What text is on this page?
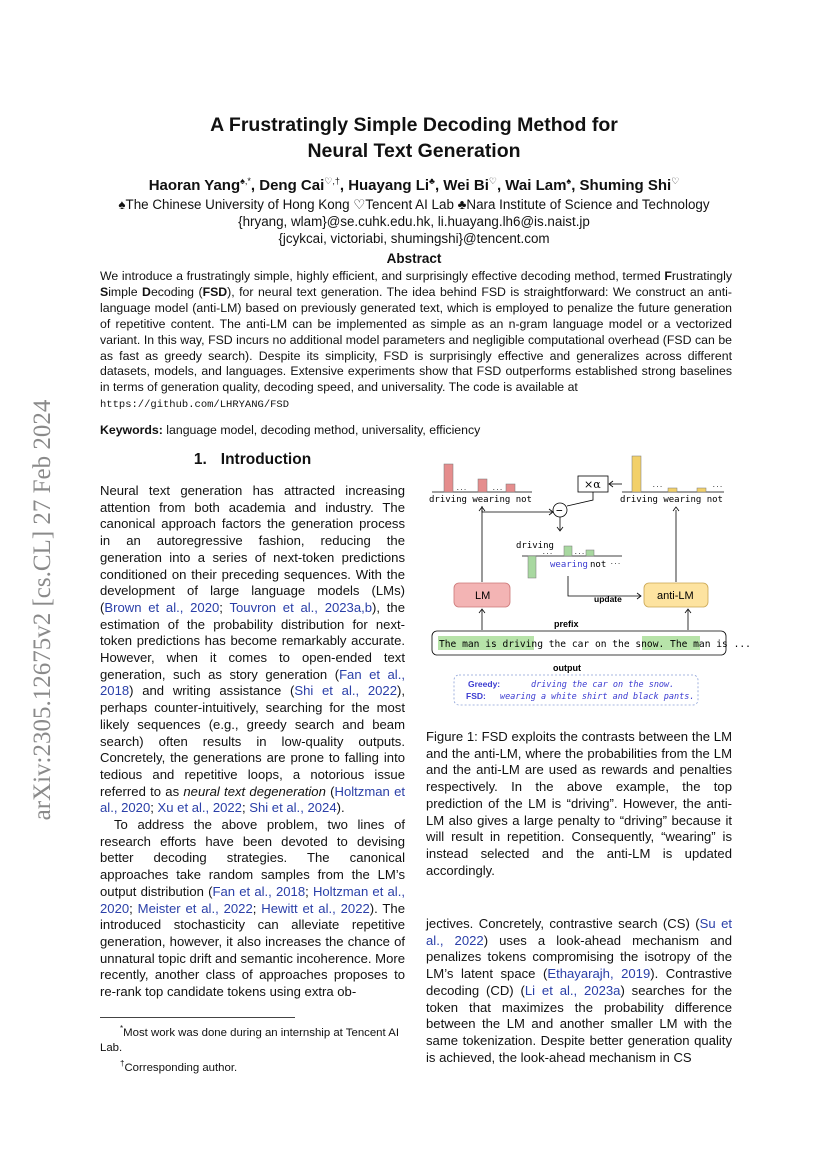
arXiv:2305.12675v2 [cs.CL] 27 Feb 2024
A Frustratingly Simple Decoding Method for
Neural Text Generation
Haoran Yang♠,*, Deng Cai♡,†, Huayang Li♣, Wei Bi♡, Wai Lam♠, Shuming Shi♡
♠The Chinese University of Hong Kong ♡Tencent AI Lab ♣Nara Institute of Science and Technology
{hryang, wlam}@se.cuhk.edu.hk, li.huayang.lh6@is.naist.jp
{jcykcai, victoriabi, shumingshi}@tencent.com
Abstract
We introduce a frustratingly simple, highly efficient, and surprisingly effective decoding method, termed Frustratingly Simple Decoding (FSD), for neural text generation. The idea behind FSD is straightforward: We construct an anti-language model (anti-LM) based on previously generated text, which is employed to penalize the future generation of repetitive content. The anti-LM can be implemented as simple as an n-gram language model or a vectorized variant. In this way, FSD incurs no additional model parameters and negligible computational overhead (FSD can be as fast as greedy search). Despite its simplicity, FSD is surprisingly effective and generalizes across different datasets, models, and languages. Extensive experiments show that FSD outperforms established strong baselines in terms of generation quality, decoding speed, and universality. The code is available at
https://github.com/LHRYANG/FSD
Keywords: language model, decoding method, universality, efficiency
1. Introduction

Neural text generation has attracted increasing attention from both academia and industry. The canonical approach factors the generation process in an autoregressive fashion, reducing the generation into a series of next-token predictions conditioned on their preceding sequences. With the development of large language models (LMs) (Brown et al., 2020; Touvron et al., 2023a,b), the estimation of the probability distribution for next-token predictions has become remarkably accurate. However, when it comes to open-ended text generation, such as story generation (Fan et al., 2018) and writing assistance (Shi et al., 2022), perhaps counter-intuitively, searching for the most likely sequences (e.g., greedy search and beam search) often results in low-quality outputs. Concretely, the generations are prone to falling into tedious and repetitive loops, a notorious issue referred to as neural text degeneration (Holtzman et al., 2020; Xu et al., 2022; Shi et al., 2024).

To address the above problem, two lines of research efforts have been devoted to devising better decoding strategies. The canonical approaches take random samples from the LM’s output distribution (Fan et al., 2018; Holtzman et al., 2020; Meister et al., 2022; Hewitt et al., 2022). The introduced stochasticity can alleviate repetitive generation, however, it also increases the chance of unnatural topic drift and semantic incoherence. More recently, another class of approaches proposes to re-rank top candidate tokens using extra ob-

*Most work was done during an internship at Tencent AI Lab.
†Corresponding author.
...	...
driving wearing not
...	...
driving wearing not
×α
−
driving
...	...
wearing not ...
LM	anti-LM
update
prefix
The man is driving the car on the snow. The man is ...
output
Greedy:	driving the car on the snow.
FSD: wearing a white shirt and black pants.
Figure 1: FSD exploits the contrasts between the LM and the anti-LM, where the probabilities from the LM and the anti-LM are used as rewards and penalties respectively. In the above example, the top prediction of the LM is “driving”. However, the anti-LM also gives a large penalty to “driving” because it will result in repetition. Consequently, “wearing” is instead selected and the anti-LM is updated accordingly.

jectives. Concretely, contrastive search (CS) (Su et al., 2022) uses a look-ahead mechanism and penalizes tokens compromising the isotropy of the LM’s latent space (Ethayarajh, 2019). Contrastive decoding (CD) (Li et al., 2023a) searches for the token that maximizes the probability difference between the LM and another smaller LM with the same tokenization. Despite better generation quality is achieved, the look-ahead mechanism in CS
